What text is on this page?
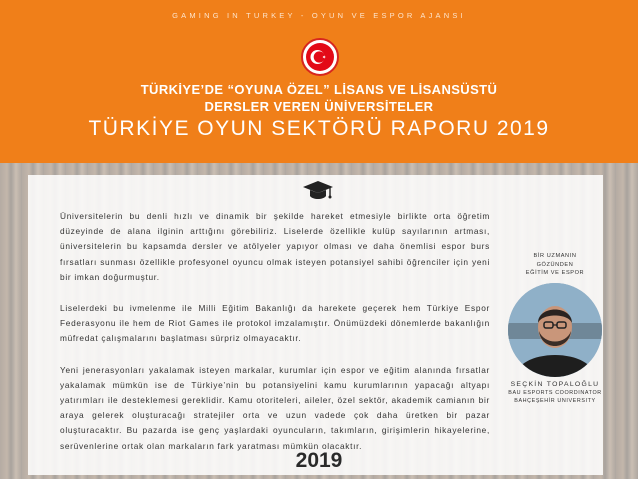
GAMING IN TURKEY - OYUN VE ESPOR AJANSI
TÜRKİYE’DE “OYUNA ÖZEL” LİSANS VE LİSANSÜSTÜ
DERSLER VEREN ÜNİVERSİTELER
TÜRKİYE OYUN SEKTÖRÜ RAPORU 2019

Üniversitelerin bu denli hızlı ve dinamik bir şekilde hareket etmesiyle birlikte orta öğretim düzeyinde de alana ilginin arttığını görebiliriz. Liselerde özellikle kulüp sayılarının artması, üniversitelerin bu kapsamda dersler ve atölyeler yapıyor olması ve daha önemlisi espor burs fırsatları sunması özellikle profesyonel oyuncu olmak isteyen potansiyel sahibi öğrenciler için yeni bir imkan doğurmuştur.

Liselerdeki bu ivmelenme ile Milli Eğitim Bakanlığı da harekete geçerek hem Türkiye Espor Federasyonu ile hem de Riot Games ile protokol imzalamıştır. Önümüzdeki dönemlerde bakanlığın müfredat çalışmalarını başlatması sürpriz olmayacaktır.

Yeni jenerasyonları yakalamak isteyen markalar, kurumlar için espor ve eğitim alanında fırsatlar yakalamak mümkün ise de Türkiye’nin bu potansiyelini kamu kurumlarının yapacağı altyapı yatırımları ile desteklemesi gereklidir. Kamu otoriteleri, aileler, özel sektör, akademik camianın bir araya gelerek oluşturacağı stratejiler orta ve uzun vadede çok daha üretken bir pazar oluşturacaktır. Bu pazarda ise genç yaşlardaki oyuncuların, takımların, girişimlerin hikayelerine, serüvenlerine ortak olan markaların fark yaratması mümkün olacaktır.

BİR UZMANIN
GÖZÜNDEN
EĞİTİM VE ESPOR
SEÇKİN TOPALOĞLU
BAU ESPORTS COORDINATOR
BAHÇEŞEHİR UNIVERSITY
2019
